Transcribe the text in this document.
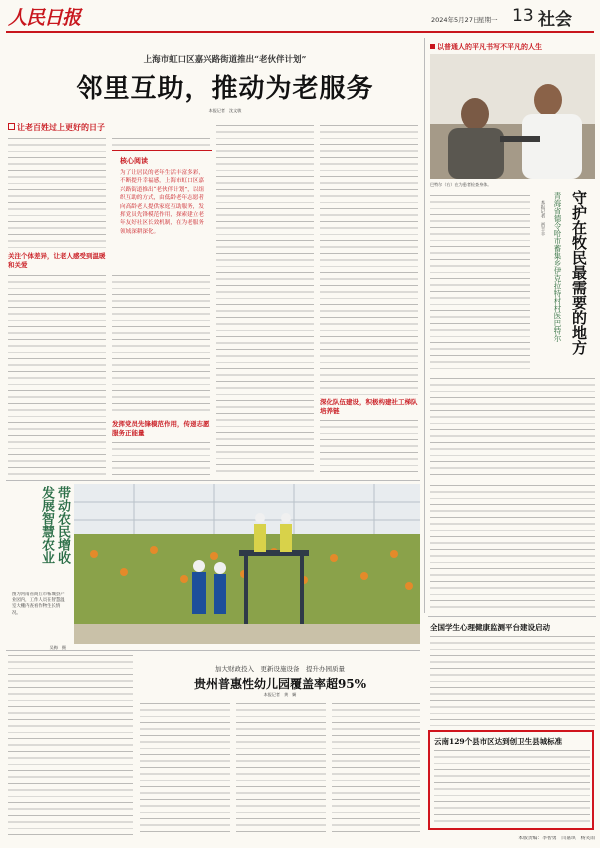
人民日报	2024年5月27日
星期一 13 社会
上海市虹口区嘉兴路街道推出“老伙伴计划”
邻里互助，推动为老服务
本报记者　沈文敏
让老百姓过上更好的日子
关注个体差异，让老人感受到温暖和关爱
核心阅读
为了让居民的老年生活丰富多彩，不断提升幸福感，上海市虹口区嘉兴路街道推出“老伙伴计划”，以组织互助的方式，由低龄老年志愿者向高龄老人提供家庭互助服务，发挥党员先锋模范作用，探索建立老年友好社区长效机制，在为老服务领域深耕深化。
发挥党员先锋模范作用，传递志愿服务正能量
深化队伍建设，积极构建社工梯队培养链
以普通人的平凡书写不平凡的人生
巴特尔（右）在为患者检查身体。
守护在牧民最需要的地方
青海省德令哈市蓄集乡伊克拉特村村医巴特尔
本报记者　贾丰丰
带动农民增收　发展智慧农业
图为河南省商丘市柘城县产业园内，工作人员在智慧温室大棚内查看作物生长情况。
吴梅　摄
加大财政投入　更新设施设备　提升办园质量
贵州普惠性幼儿园覆盖率超95%
本报记者　黄　娴
全国学生心理健康监测平台建设启动
云南129个县市区达到创卫生县城标准
本版责编：李智勇　闫嘉琪　杨笑雨
